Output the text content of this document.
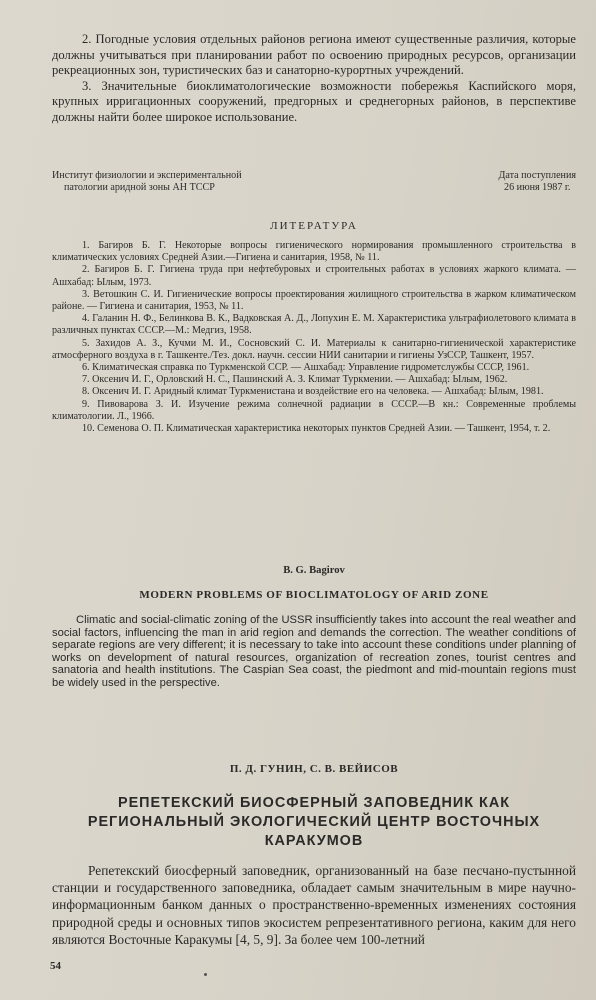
2. Погодные условия отдельных районов региона имеют существенные различия, которые должны учитываться при планировании работ по освоению природных ресурсов, организации рекреационных зон, туристических баз и санаторно-курортных учреждений.

3. Значительные биоклиматологические возможности побережья Каспийского моря, крупных ирригационных сооружений, предгорных и среднегорных районов, в перспективе должны найти более широкое использование.

Институт физиологии и экспериментальной
патологии аридной зоны АН ТССР
Дата поступления
26 июня 1987 г.
ЛИТЕРАТУРА

1. Багиров Б. Г. Некоторые вопросы гигиенического нормирования промышленного строительства в климатических условиях Средней Азии.—Гигиена и санитария, 1958, № 11.

2. Багиров Б. Г. Гигиена труда при нефтебуровых и строительных работах в условиях жаркого климата. — Ашхабад: Ылым, 1973.

3. Ветошкин С. И. Гигиенические вопросы проектирования жилищного строительства в жарком климатическом районе. — Гигиена и санитария, 1953, № 11.

4. Галанин Н. Ф., Белинкова В. К., Вадковская А. Д., Лопухин Е. М. Характеристика ультрафиолетового климата в различных пунктах СССР.—М.: Медгиз, 1958.

5. Захидов А. З., Кучми М. И., Сосновский С. И. Материалы к санитарно-гигиенической характеристике атмосферного воздуха в г. Ташкенте./Тез. докл. научн. сессии НИИ санитарии и гигиены УзССР, Ташкент, 1957.

6. Климатическая справка по Туркменской ССР. — Ашхабад: Управление гидрометслужбы СССР, 1961.

7. Оксенич И. Г., Орловский Н. С., Пашинский А. З. Климат Туркмении. — Ашхабад: Ылым, 1962.

8. Оксенич И. Г. Аридный климат Туркменистана и воздействие его на человека. — Ашхабад: Ылым, 1981.

9. Пивоварова З. И. Изучение режима солнечной радиации в СССР.—В кн.: Современные проблемы климатологии. Л., 1966.

10. Семенова О. П. Климатическая характеристика некоторых пунктов Средней Азии. — Ташкент, 1954, т. 2.

B. G. Bagirov
MODERN PROBLEMS OF BIOCLIMATOLOGY OF ARID ZONE

Climatic and social-climatic zoning of the USSR insufficiently takes into account the real weather and social factors, influencing the man in arid region and demands the correction. The weather conditions of separate regions are very different; it is necessary to take into account these conditions under planning of works on development of natural resources, organization of recreation zones, tourist centres and sanatoria and health institutions. The Caspian Sea coast, the piedmont and mid-mountain regions must be widely used in the perspective.

П. Д. ГУНИН, С. В. ВЕЙИСОВ
РЕПЕТЕКСКИЙ БИОСФЕРНЫЙ ЗАПОВЕДНИК КАК
РЕГИОНАЛЬНЫЙ ЭКОЛОГИЧЕСКИЙ ЦЕНТР ВОСТОЧНЫХ
КАРАКУМОВ

Репетекский биосферный заповедник, организованный на базе песчано-пустынной станции и государственного заповедника, обладает самым значительным в мире научно-информационным банком данных о пространственно-временных изменениях состояния природной среды и основных типов экосистем репрезентативного региона, каким для него являются Восточные Каракумы [4, 5, 9]. За более чем 100-летний

54
